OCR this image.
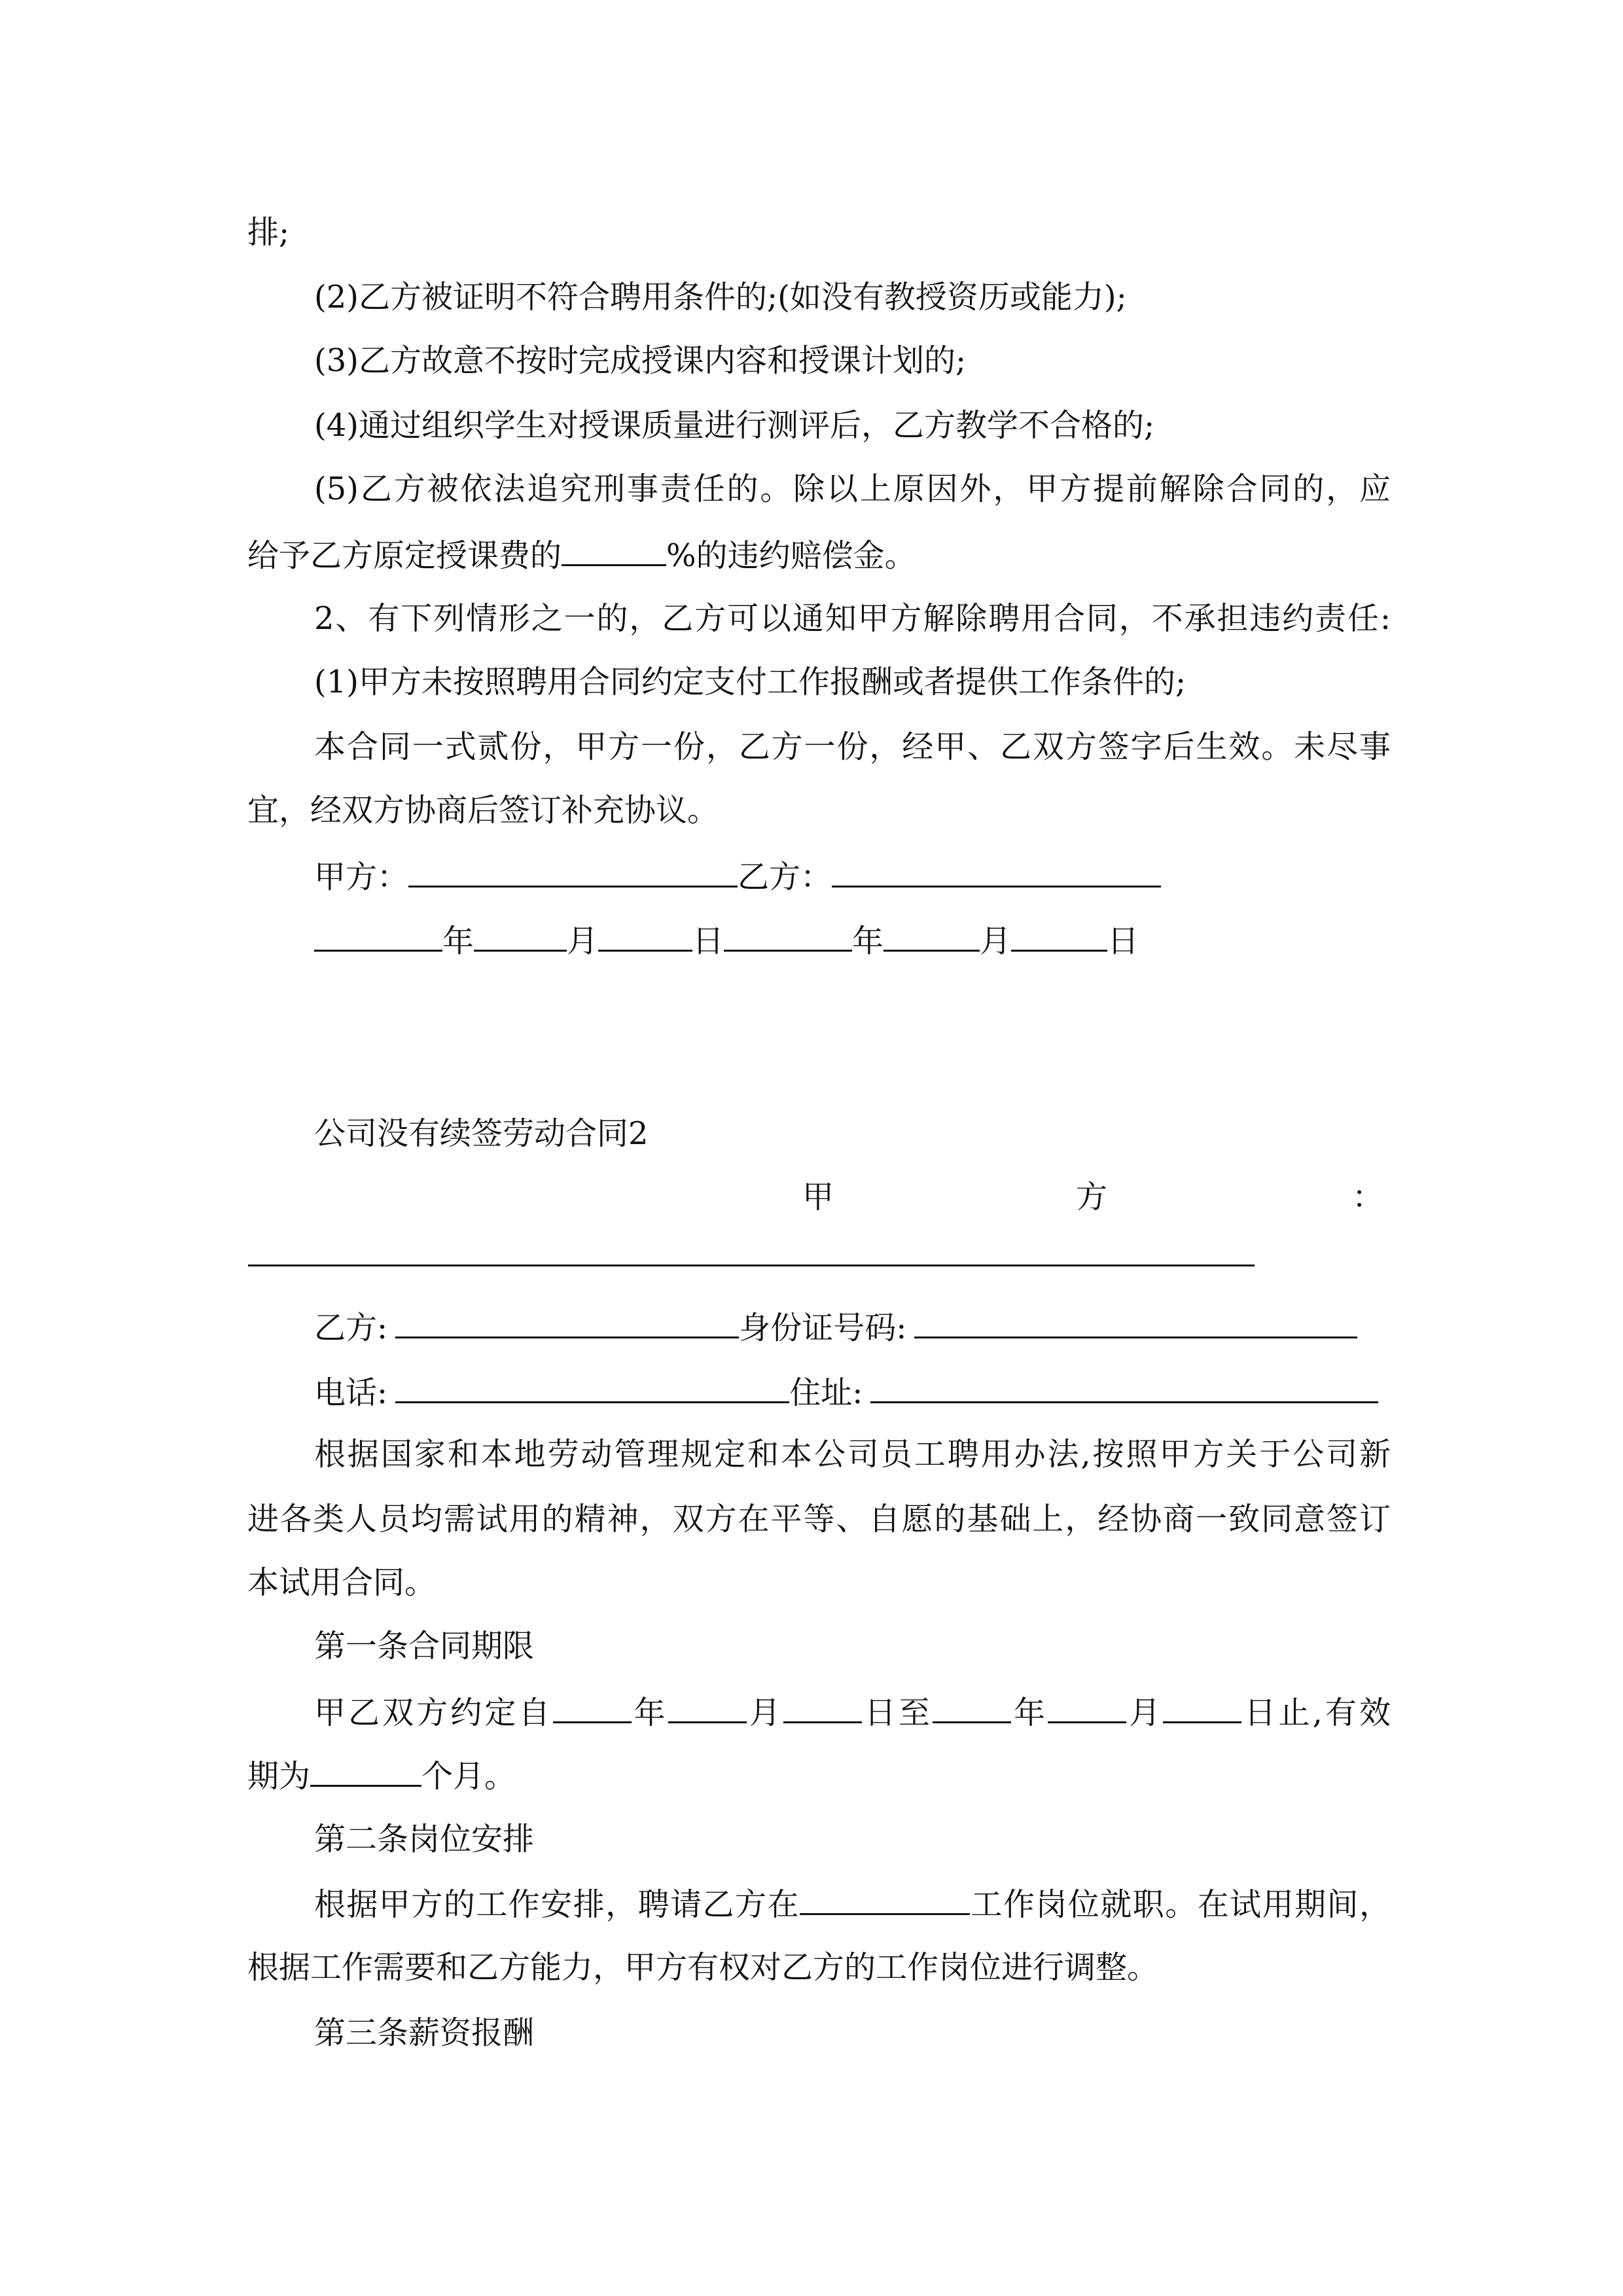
排;
(2)乙方被证明不符合聘用条件的;(如没有教授资历或能力);
(3)乙方故意不按时完成授课内容和授课计划的;
(4)通过组织学生对授课质量进行测评后，乙方教学不合格的;
(5)乙方被依法追究刑事责任的。除以上原因外，甲方提前解除合同的，应
给予乙方原定授课费的	%的违约赔偿金。
2、有下列情形之一的，乙方可以通知甲方解除聘用合同，不承担违约责任:
(1)甲方未按照聘用合同约定支付工作报酬或者提供工作条件的;
本合同一式贰份，甲方一份，乙方一份，经甲、乙双方签字后生效。未尽事
宜，经双方协商后签订补充协议。
甲方：	乙方：
年	月	日	年	月	日
公司没有续签劳动合同2
甲	方	：
乙方:	身份证号码:
电话:	住址:
根据国家和本地劳动管理规定和本公司员工聘用办法,按照甲方关于公司新
进各类人员均需试用的精神，双方在平等、自愿的基础上，经协商一致同意签订
本试用合同。
第一条合同期限
甲乙双方约定自	年	月	日至	年	月	日止,有效
期为	个月。
第二条岗位安排
根据甲方的工作安排，聘请乙方在	工作岗位就职。在试用期间，
根据工作需要和乙方能力，甲方有权对乙方的工作岗位进行调整。
第三条薪资报酬
